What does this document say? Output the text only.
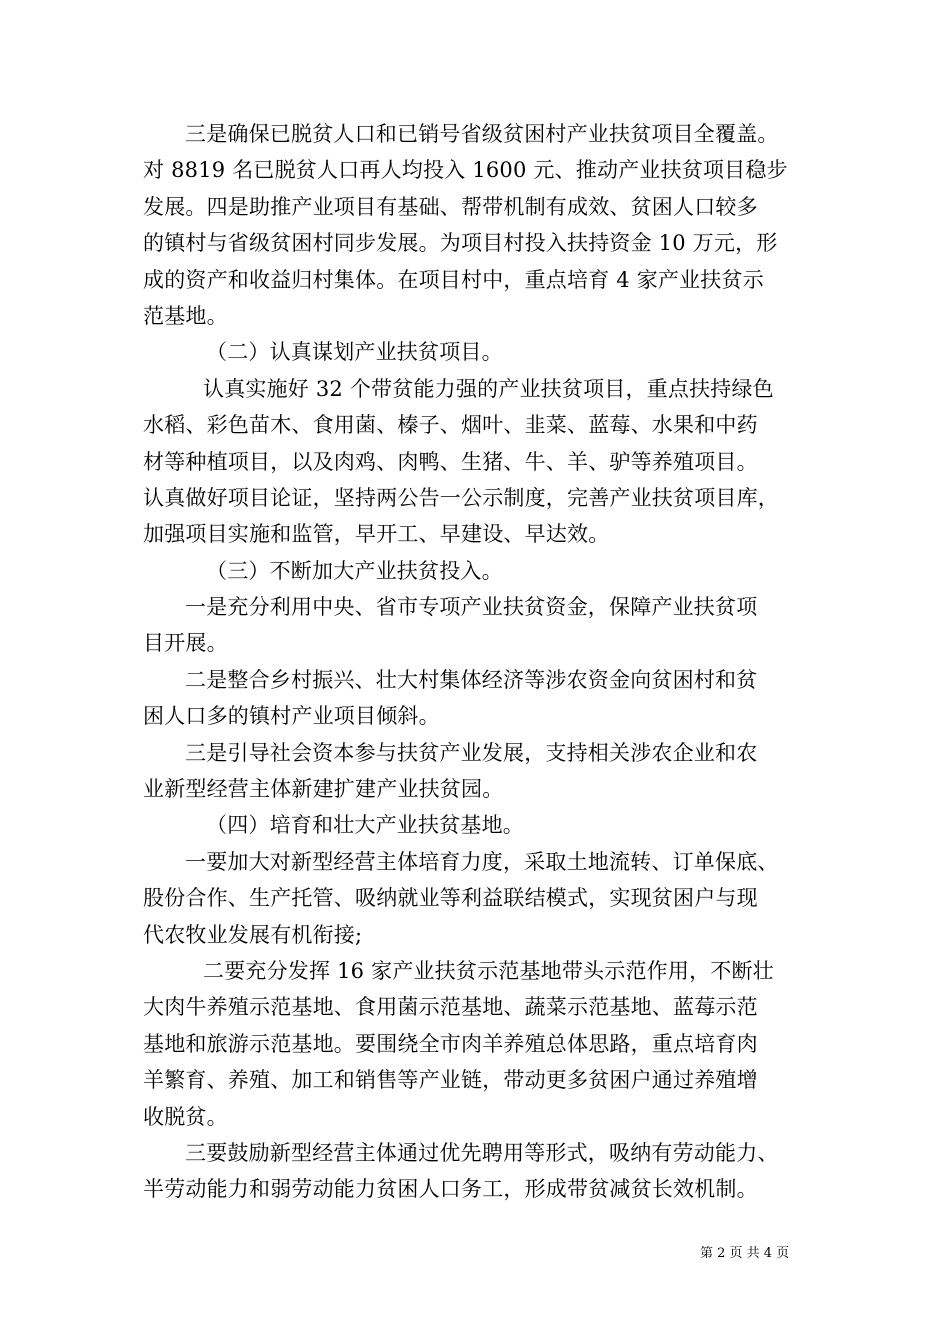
三是确保已脱贫人口和已销号省级贫困村产业扶贫项目全覆盖。
对 8819 名已脱贫人口再人均投入 1600 元、推动产业扶贫项目稳步
发展。四是助推产业项目有基础、帮带机制有成效、贫困人口较多
的镇村与省级贫困村同步发展。为项目村投入扶持资金 10 万元，形
成的资产和收益归村集体。在项目村中，重点培育 4 家产业扶贫示
范基地。
（二）认真谋划产业扶贫项目。
认真实施好 32 个带贫能力强的产业扶贫项目，重点扶持绿色
水稻、彩色苗木、食用菌、榛子、烟叶、韭菜、蓝莓、水果和中药
材等种植项目，以及肉鸡、肉鸭、生猪、牛、羊、驴等养殖项目。
认真做好项目论证，坚持两公告一公示制度，完善产业扶贫项目库，
加强项目实施和监管，早开工、早建设、早达效。
（三）不断加大产业扶贫投入。
一是充分利用中央、省市专项产业扶贫资金，保障产业扶贫项
目开展。
二是整合乡村振兴、壮大村集体经济等涉农资金向贫困村和贫
困人口多的镇村产业项目倾斜。
三是引导社会资本参与扶贫产业发展，支持相关涉农企业和农
业新型经营主体新建扩建产业扶贫园。
（四）培育和壮大产业扶贫基地。
一要加大对新型经营主体培育力度，采取土地流转、订单保底、
股份合作、生产托管、吸纳就业等利益联结模式，实现贫困户与现
代农牧业发展有机衔接;
二要充分发挥 16 家产业扶贫示范基地带头示范作用，不断壮
大肉牛养殖示范基地、食用菌示范基地、蔬菜示范基地、蓝莓示范
基地和旅游示范基地。要围绕全市肉羊养殖总体思路，重点培育肉
羊繁育、养殖、加工和销售等产业链，带动更多贫困户通过养殖增
收脱贫。
三要鼓励新型经营主体通过优先聘用等形式，吸纳有劳动能力、
半劳动能力和弱劳动能力贫困人口务工，形成带贫减贫长效机制。
第 2 页 共 4 页
